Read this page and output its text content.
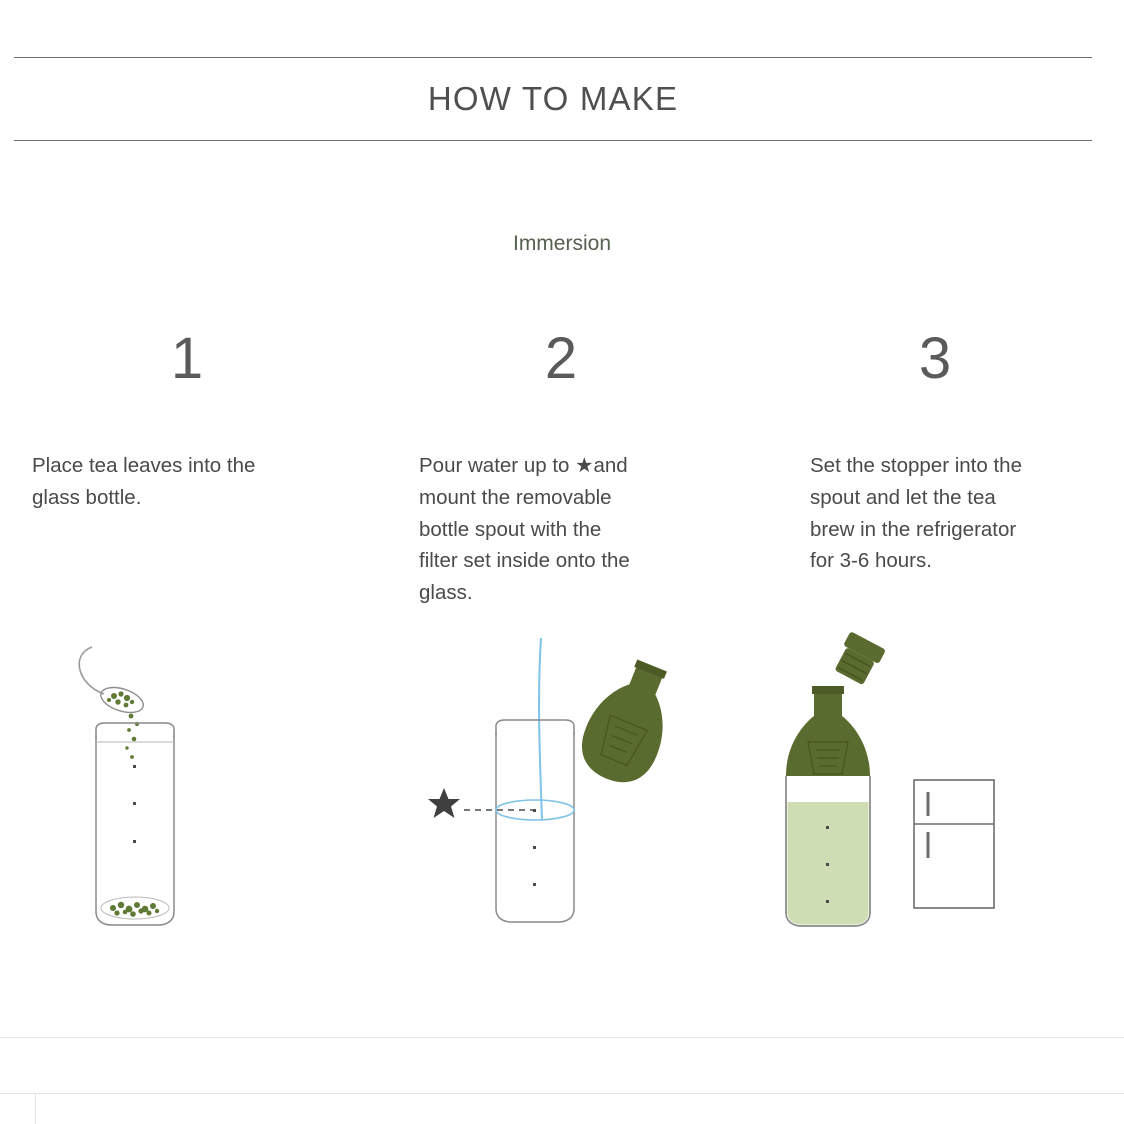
HOW TO MAKE
Immersion
1
Place tea leaves into the glass bottle.
2
Pour water up to ★and mount the removable bottle spout with the filter set inside onto the glass.
3
Set the stopper into the spout and let the tea brew in the refrigerator for 3-6 hours.
